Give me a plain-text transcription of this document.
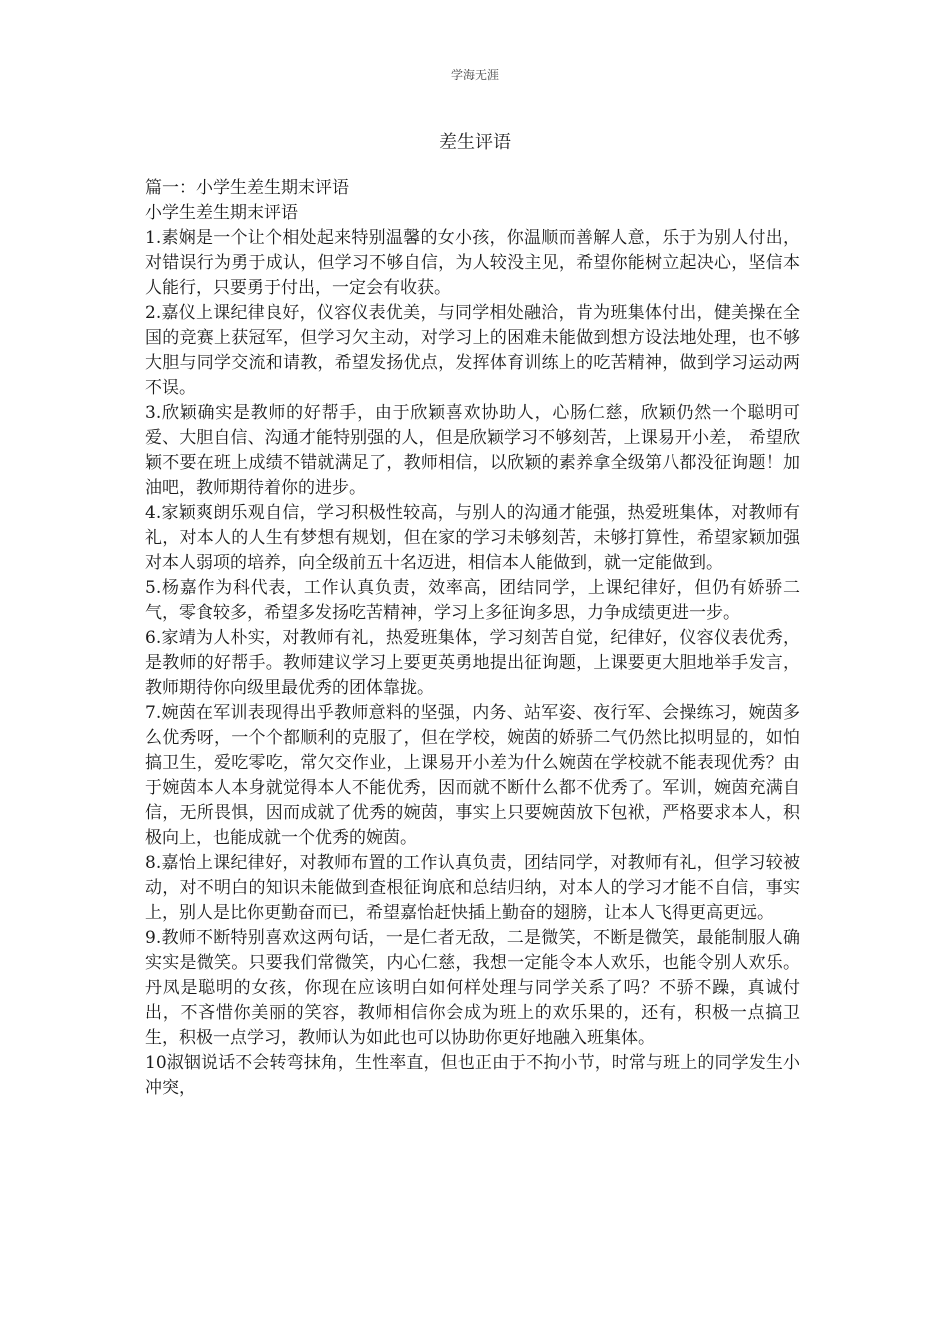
学海无涯
差生评语

篇一：小学生差生期末评语

小学生差生期末评语

1.素娴是一个让个相处起来特别温馨的女小孩，你温顺而善解人意，乐于为别人付出，对错误行为勇于成认，但学习不够自信，为人较没主见，希望你能树立起决心，坚信本人能行，只要勇于付出，一定会有收获。

2.嘉仪上课纪律良好，仪容仪表优美，与同学相处融洽，肯为班集体付出，健美操在全国的竞赛上获冠军，但学习欠主动，对学习上的困难未能做到想方设法地处理，也不够大胆与同学交流和请教，希望发扬优点，发挥体育训练上的吃苦精神，做到学习运动两不误。

3.欣颖确实是教师的好帮手，由于欣颖喜欢协助人，心肠仁慈，欣颖仍然一个聪明可爱、大胆自信、沟通才能特别强的人，但是欣颖学习不够刻苦，上课易开小差， 希望欣颖不要在班上成绩不错就满足了，教师相信，以欣颖的素养拿全级第八都没征询题！加油吧，教师期待着你的进步。

4.家颖爽朗乐观自信，学习积极性较高，与别人的沟通才能强，热爱班集体，对教师有礼，对本人的人生有梦想有规划，但在家的学习未够刻苦，未够打算性，希望家颖加强对本人弱项的培养，向全级前五十名迈进，相信本人能做到，就一定能做到。

5.杨嘉作为科代表，工作认真负责，效率高，团结同学，上课纪律好，但仍有娇骄二气，零食较多，希望多发扬吃苦精神，学习上多征询多思，力争成绩更进一步。

6.家靖为人朴实，对教师有礼，热爱班集体，学习刻苦自觉，纪律好，仪容仪表优秀，是教师的好帮手。教师建议学习上要更英勇地提出征询题，上课要更大胆地举手发言，教师期待你向级里最优秀的团体靠拢。

7.婉茵在军训表现得出乎教师意料的坚强，内务、站军姿、夜行军、会操练习，婉茵多么优秀呀，一个个都顺利的克服了，但在学校，婉茵的娇骄二气仍然比拟明显的，如怕搞卫生，爱吃零吃，常欠交作业，上课易开小差为什么婉茵在学校就不能表现优秀？由于婉茵本人本身就觉得本人不能优秀，因而就不断什么都不优秀了。军训，婉茵充满自信，无所畏惧，因而成就了优秀的婉茵，事实上只要婉茵放下包袱，严格要求本人，积极向上，也能成就一个优秀的婉茵。

8.嘉怡上课纪律好，对教师布置的工作认真负责，团结同学，对教师有礼，但学习较被动，对不明白的知识未能做到查根征询底和总结归纳，对本人的学习才能不自信，事实上，别人是比你更勤奋而已，希望嘉怡赶快插上勤奋的翅膀，让本人飞得更高更远。

9.教师不断特别喜欢这两句话，一是仁者无敌，二是微笑，不断是微笑，最能制服人确实实是微笑。只要我们常微笑，内心仁慈，我想一定能令本人欢乐，也能令别人欢乐。丹凤是聪明的女孩，你现在应该明白如何样处理与同学关系了吗？不骄不躁，真诚付出，不吝惜你美丽的笑容，教师相信你会成为班上的欢乐果的，还有，积极一点搞卫生，积极一点学习，教师认为如此也可以协助你更好地融入班集体。

10淑铟说话不会转弯抹角，生性率直，但也正由于不拘小节，时常与班上的同学发生小冲突，
